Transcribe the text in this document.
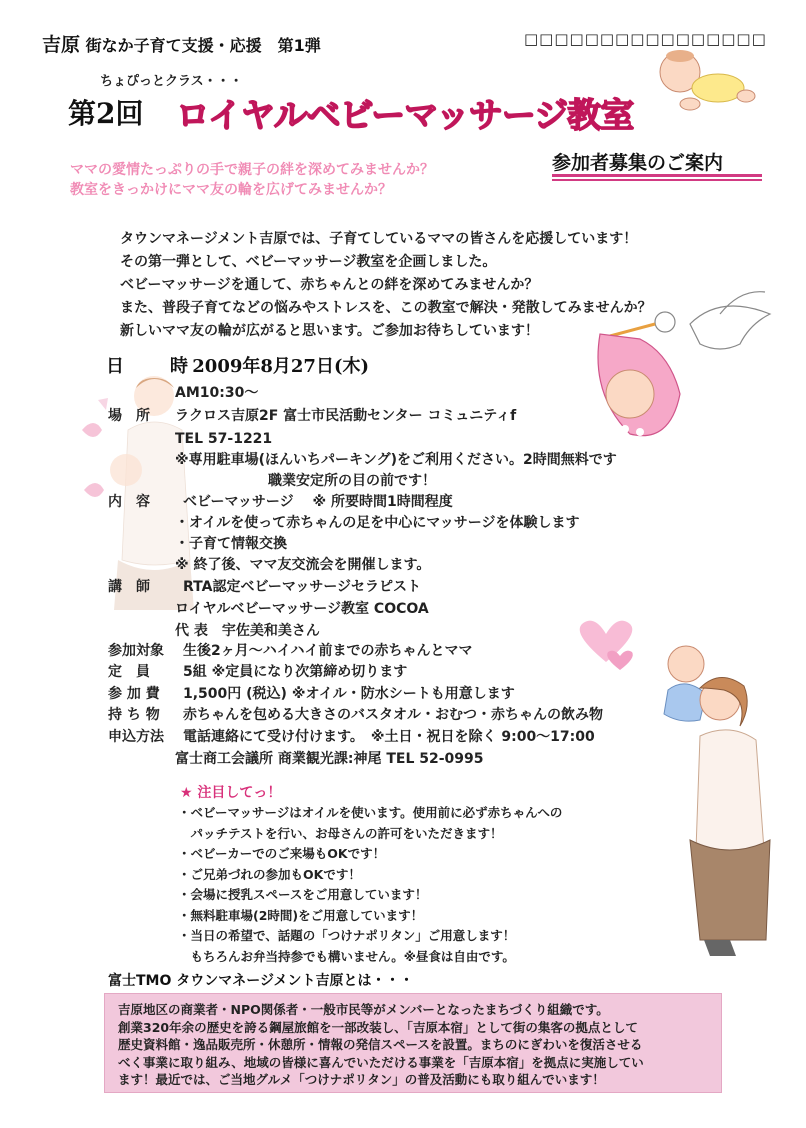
吉原 街なか子育て支援・応援　第1弾	□□□□□□□□□□□□□□□□
ちょぴっとクラス・・・
第2回 ロイヤルベビーマッサージ教室
参加者募集のご案内
ママの愛情たっぷりの手で親子の絆を深めてみませんか？
教室をきっかけにママ友の輪を広げてみませんか？
タウンマネージメント吉原では、子育てしているママの皆さんを応援しています！
その第一弾として、ベビーマッサージ教室を企画しました。
ベビーマッサージを通して、赤ちゃんとの絆を深めてみませんか？
また、普段子育てなどの悩みやストレスを、この教室で解決・発散してみませんか？
新しいママ友の輪が広がると思います。ご参加お待ちしています！
日　時 2009年8月27日(木)
AM10:30〜
場　所 ラクロス吉原2F 富士市民活動センター コミュニティf
TEL 57-1221
※専用駐車場(ほんいちパーキング)をご利用ください。2時間無料です
職業安定所の目の前です！
内　容 ベビーマッサージ　 ※ 所要時間1時間程度
・オイルを使って赤ちゃんの足を中心にマッサージを体験します
・子育て情報交換
※ 終了後、ママ友交流会を開催します。
講　師 RTA認定ベビーマッサージセラピスト
ロイヤルベビーマッサージ教室 COCOA
代 表　宇佐美和美さん
参加対象 生後2ヶ月〜ハイハイ前までの赤ちゃんとママ
定　員 5組 ※定員になり次第締め切ります
参 加 費 1,500円 (税込) ※オイル・防水シートも用意します
持 ち 物 赤ちゃんを包める大きさのバスタオル・おむつ・赤ちゃんの飲み物
申込方法 電話連絡にて受け付けます。　※土日・祝日を除く 9:00〜17:00
富士商工会議所 商業観光課:神尾 TEL 52-0995
★ 注目してっ！
・ベビーマッサージはオイルを使います。使用前に必ず赤ちゃんへの
　パッチテストを行い、お母さんの許可をいただきます！
・ベビーカーでのご来場もOKです！
・ご兄弟づれの参加もOKです！
・会場に授乳スペースをご用意しています！
・無料駐車場(2時間)をご用意しています！
・当日の希望で、話題の「つけナポリタン」ご用意します！
　もちろんお弁当持参でも構いません。※昼食は自由です。
富士TMO タウンマネージメント吉原とは・・・
吉原地区の商業者・NPO関係者・一般市民等がメンバーとなったまちづくり組織です。
創業320年余の歴史を誇る鋼屋旅館を一部改装し、「吉原本宿」として街の集客の拠点として
歴史資料館・逸品販売所・休憩所・情報の発信スペースを設置。まちのにぎわいを復活させる
べく事業に取り組み、地域の皆様に喜んでいただける事業を「吉原本宿」を拠点に実施してい
ます！最近では、ご当地グルメ「つけナポリタン」の普及活動にも取り組んでいます！
